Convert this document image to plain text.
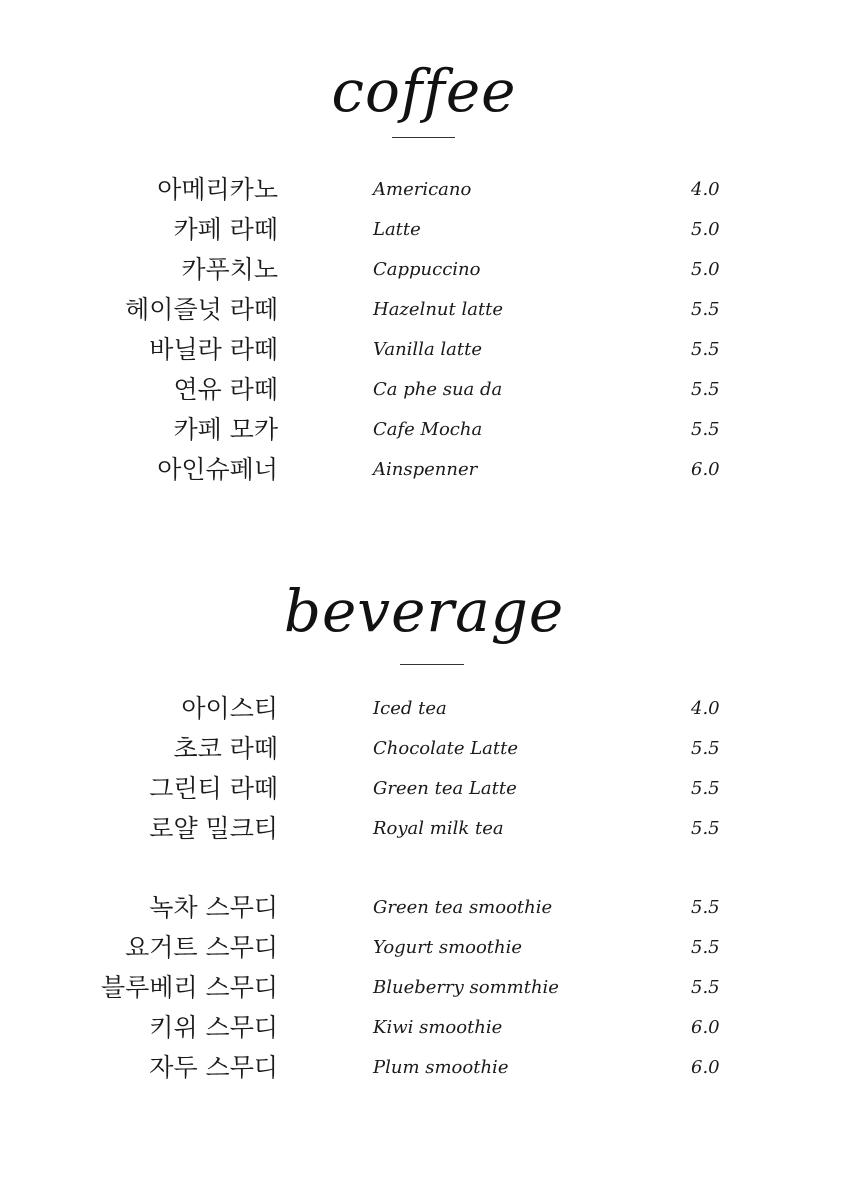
coffee
아메리카노	Americano	4.0
카페 라떼	Latte	5.0
카푸치노	Cappuccino	5.0
헤이즐넛 라떼	Hazelnut latte	5.5
바닐라 라떼	Vanilla latte	5.5
연유 라떼	Ca phe sua da	5.5
카페 모카	Cafe Mocha	5.5
아인슈페너	Ainspenner	6.0
beverage
아이스티	Iced tea	4.0
초코 라떼	Chocolate Latte	5.5
그린티 라떼	Green tea Latte	5.5
로얄 밀크티	Royal milk tea	5.5
녹차 스무디	Green tea smoothie	5.5
요거트 스무디	Yogurt smoothie	5.5
블루베리 스무디	Blueberry sommthie	5.5
키위 스무디	Kiwi smoothie	6.0
자두 스무디	Plum smoothie	6.0
